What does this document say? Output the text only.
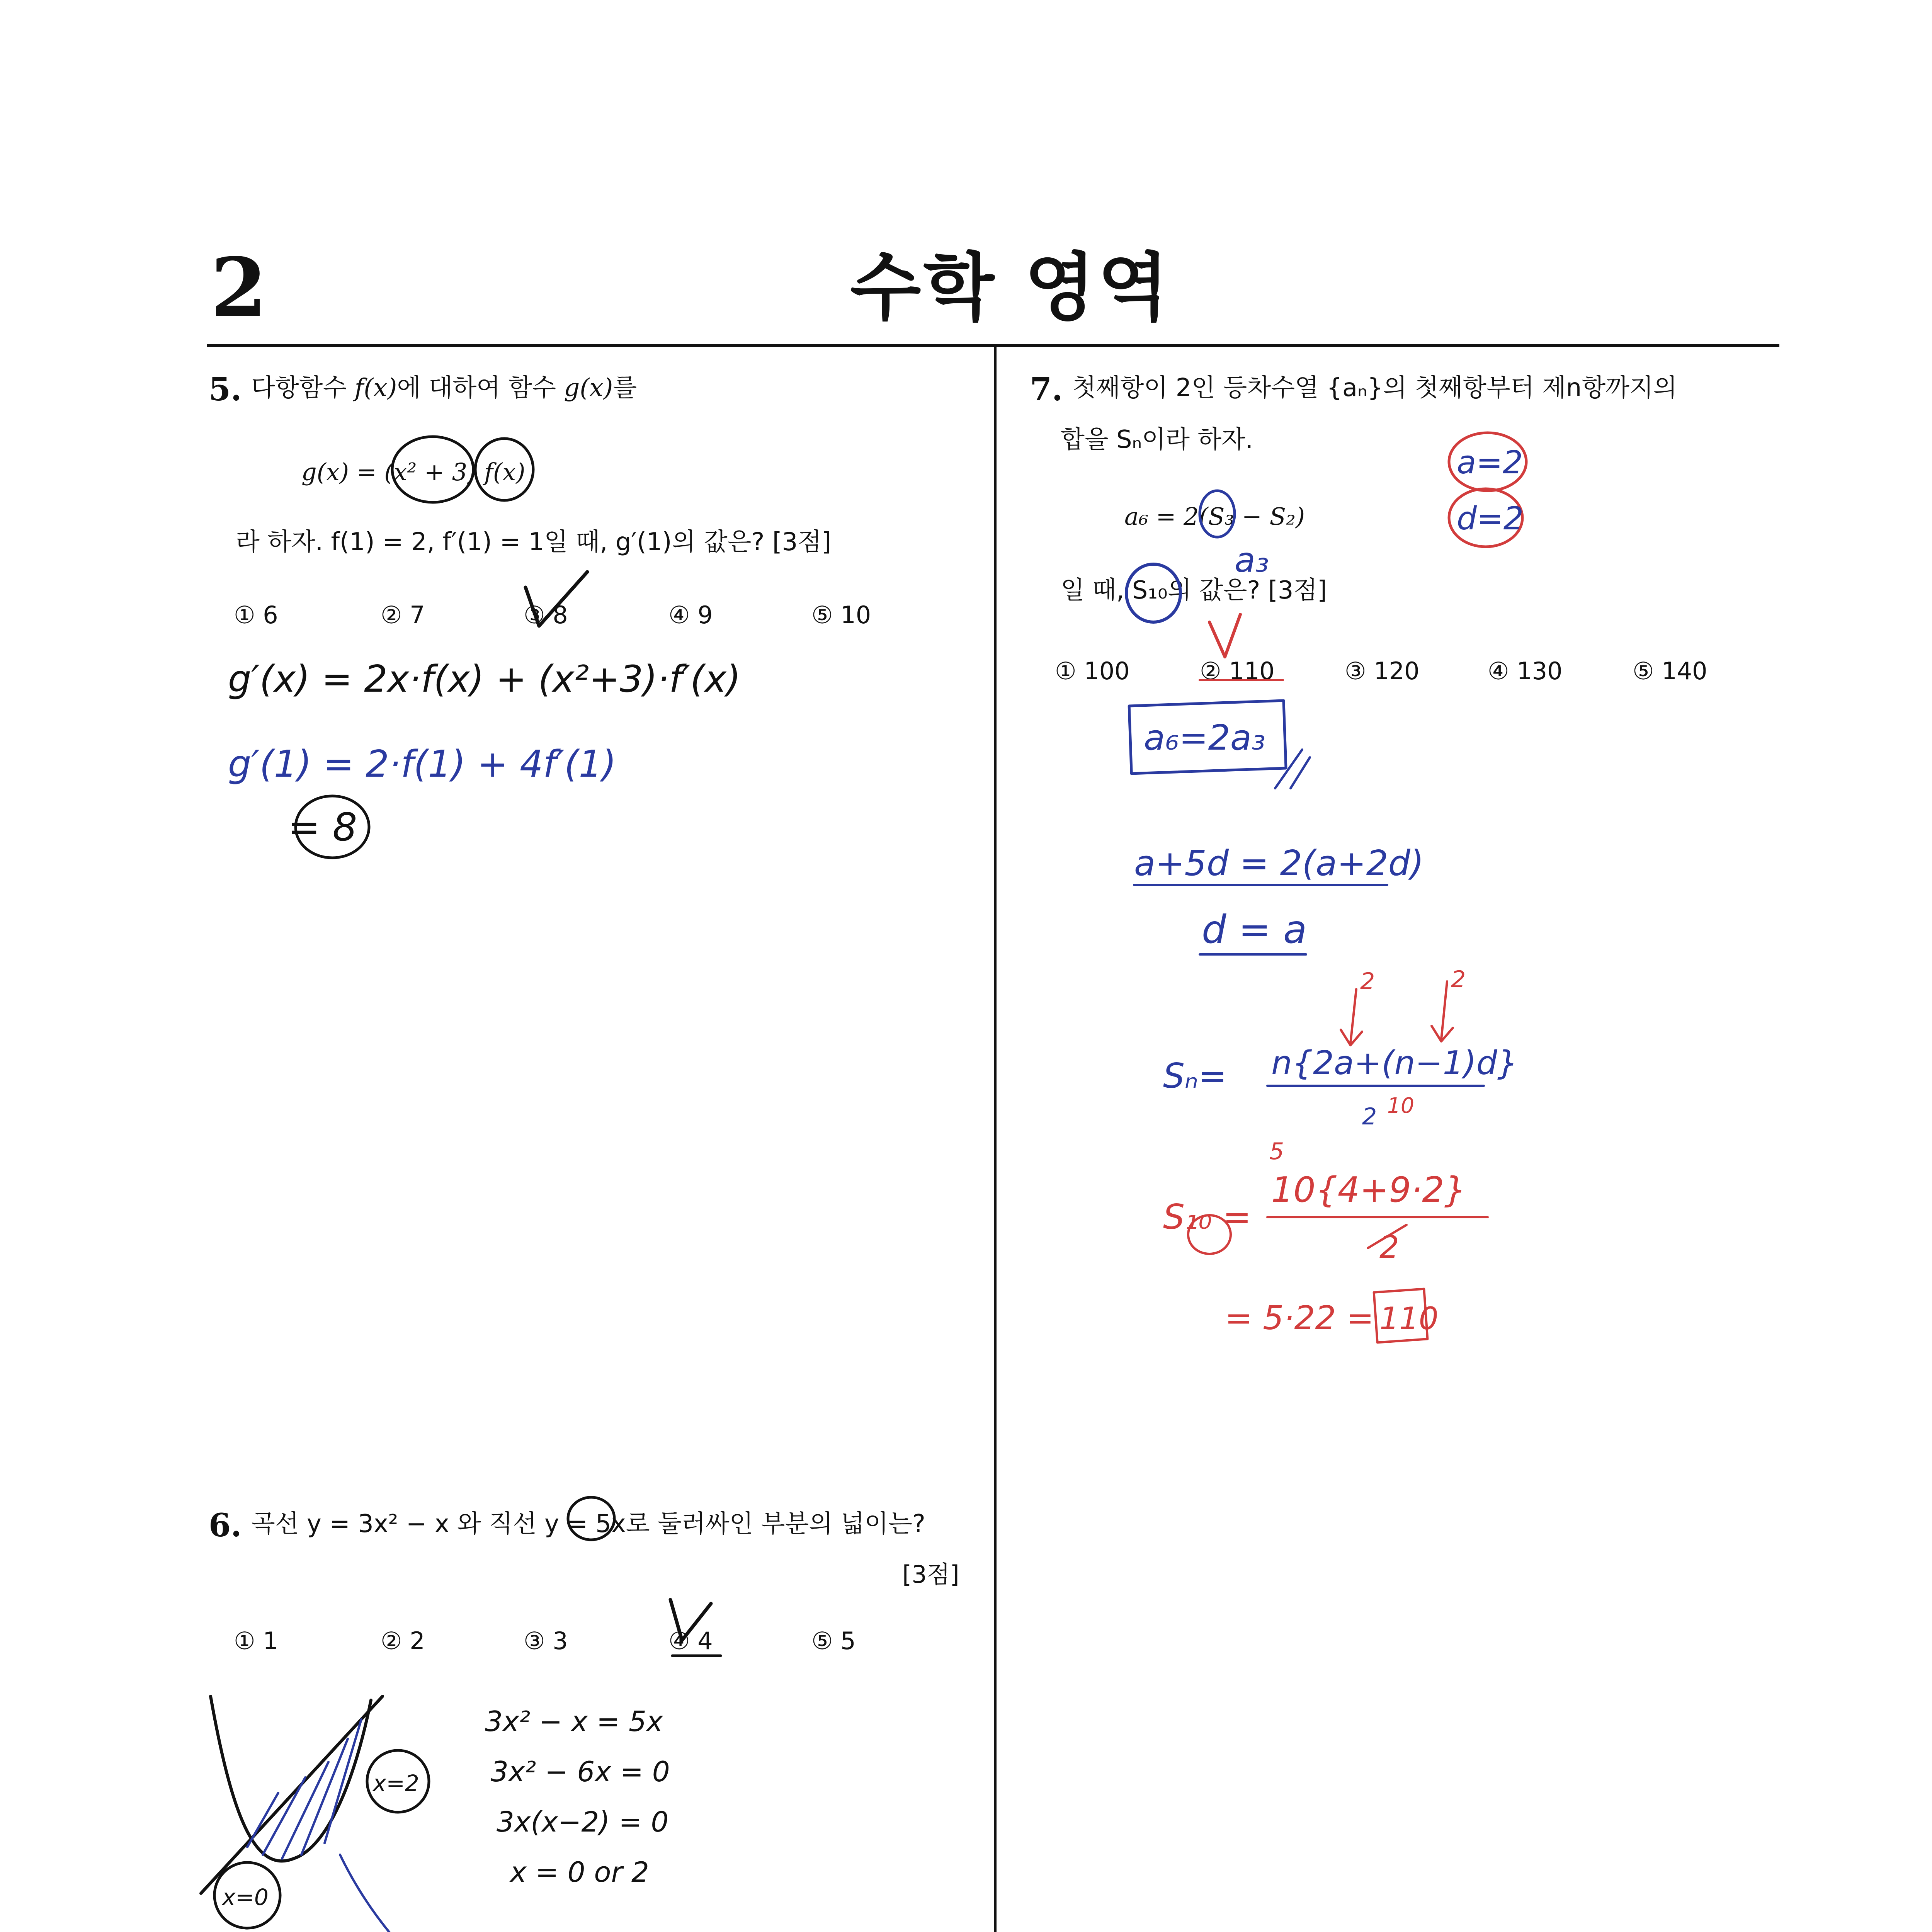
2	수학 영역
5. 다항함수 f(x)에 대하여 함수 g(x)를
g(x) = (x² + 3) f(x)
라 하자. f(1) = 2, f′(1) = 1일 때, g′(1)의 값은? [3점]
① 6	② 7	③ 8	④ 9	⑤ 10
6. 곡선 y = 3x² − x 와 직선 y = 5x로 둘러싸인 부분의 넓이는?
[3점]
① 1	② 2	③ 3	④ 4	⑤ 5
7. 첫째항이 2인 등차수열 {aₙ}의 첫째항부터 제n항까지의
합을 Sₙ이라 하자.
a₆ = 2(S₃ − S₂)
일 때, S₁₀의 값은? [3점]
① 100	② 110	③ 120	④ 130	⑤ 140
g′(x) = 2x·f(x) + (x²+3)·f′(x)
g′(1) = 2·f(1) + 4f′(1)
= 8
3x² − x = 5x
3x² − 6x = 0
3x(x−2) = 0
x = 0 or 2
x=2
x=0
a=2
d=2
a₃
a₆=2a₃
a+5d = 2(a+2d)
d = a
2	2
Sₙ= n{2a+(n−1)d}
2 10
5
S₁₀ =
10{4+9·2}
2
= 5·22 = 110
